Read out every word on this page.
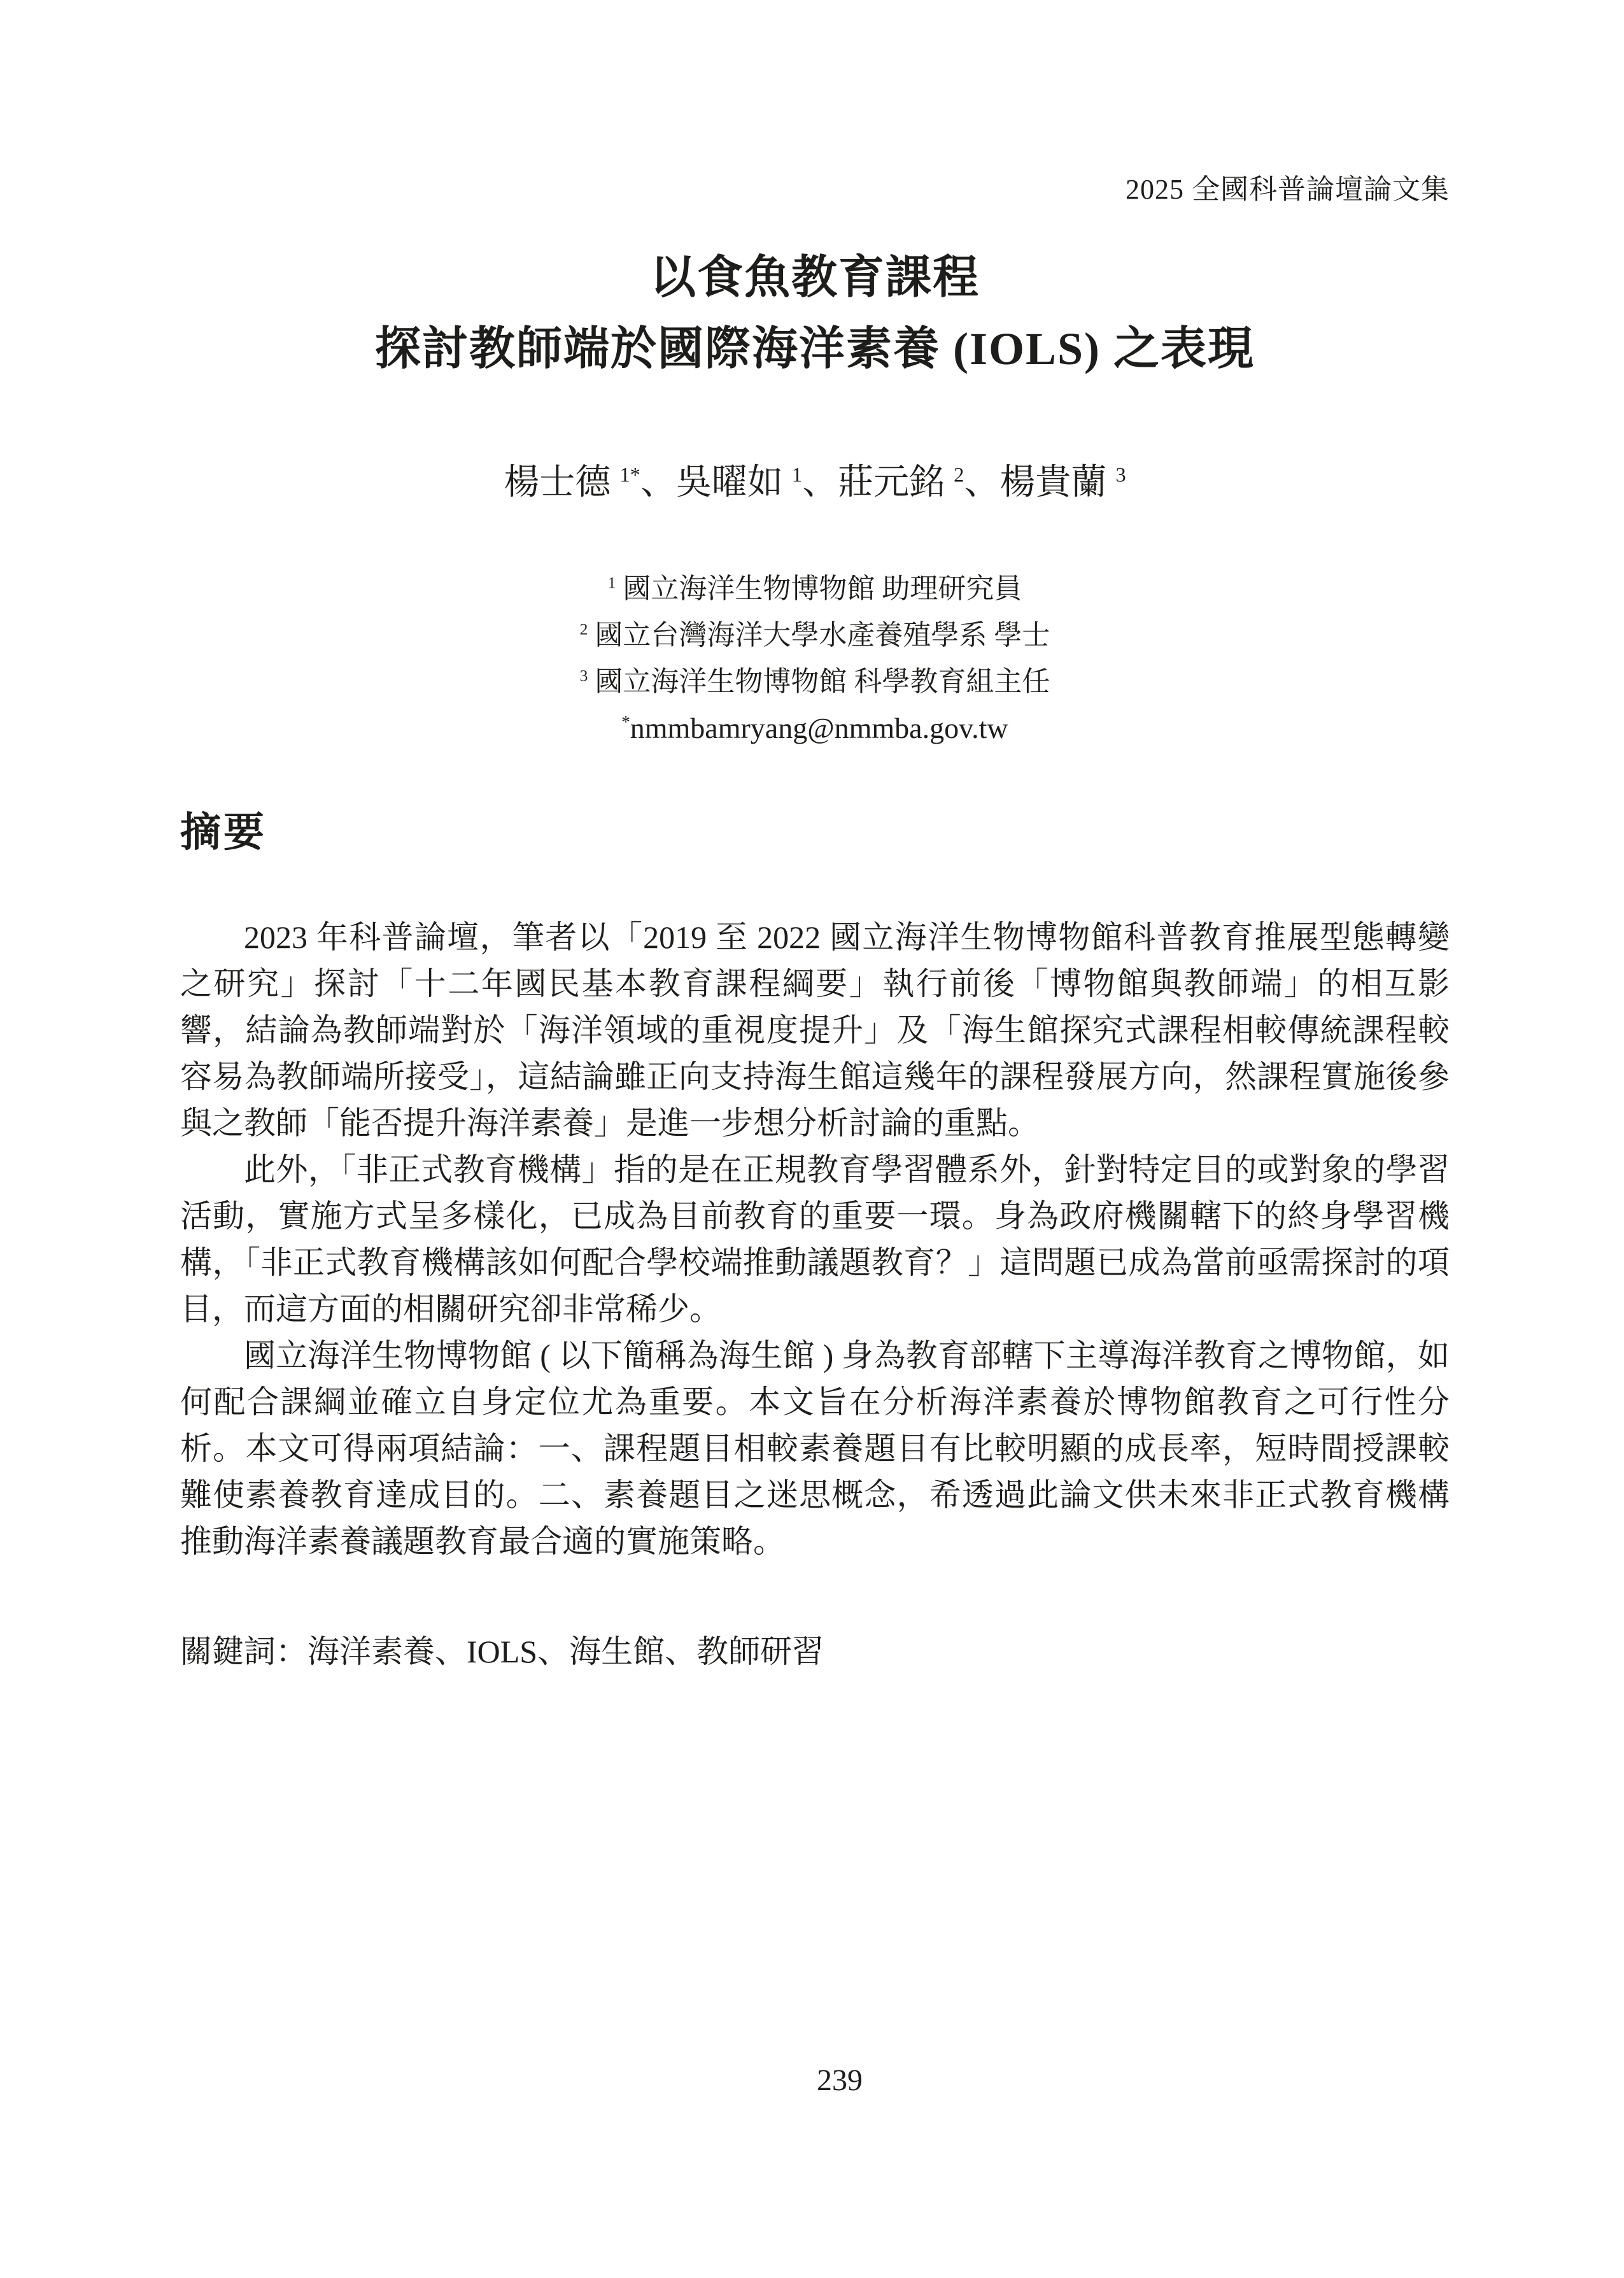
2025 全國科普論壇論文集
以食魚教育課程
探討教師端於國際海洋素養 (IOLS) 之表現
楊士德 $^{1*}$、吳曜如 $^1$、莊元銘 $^2$、楊貴蘭 $^3$
$^1$ 國立海洋生物博物館 助理研究員
$^2$ 國立台灣海洋大學水產養殖學系 學士
$^3$ 國立海洋生物博物館 科學教育組主任
*nmmbamryang@nmmba.gov.tw
摘要

2023 年科普論壇，筆者以「2019 至 2022 國立海洋生物博物館科普教育推展型態轉變之研究」探討「十二年國民基本教育課程綱要」執行前後「博物館與教師端」的相互影響，結論為教師端對於「海洋領域的重視度提升」及「海生館探究式課程相較傳統課程較容易為教師端所接受」，這結論雖正向支持海生館這幾年的課程發展方向，然課程實施後參與之教師「能否提升海洋素養」是進一步想分析討論的重點。

此外，「非正式教育機構」指的是在正規教育學習體系外，針對特定目的或對象的學習活動，實施方式呈多樣化，已成為目前教育的重要一環。身為政府機關轄下的終身學習機構，「非正式教育機構該如何配合學校端推動議題教育？」這問題已成為當前亟需探討的項目，而這方面的相關研究卻非常稀少。

國立海洋生物博物館 ( 以下簡稱為海生館 ) 身為教育部轄下主導海洋教育之博物館，如何配合課綱並確立自身定位尤為重要。本文旨在分析海洋素養於博物館教育之可行性分析。本文可得兩項結論：一、課程題目相較素養題目有比較明顯的成長率，短時間授課較難使素養教育達成目的。二、素養題目之迷思概念，希透過此論文供未來非正式教育機構推動海洋素養議題教育最合適的實施策略。

關鍵詞：海洋素養、IOLS、海生館、教師研習
239
